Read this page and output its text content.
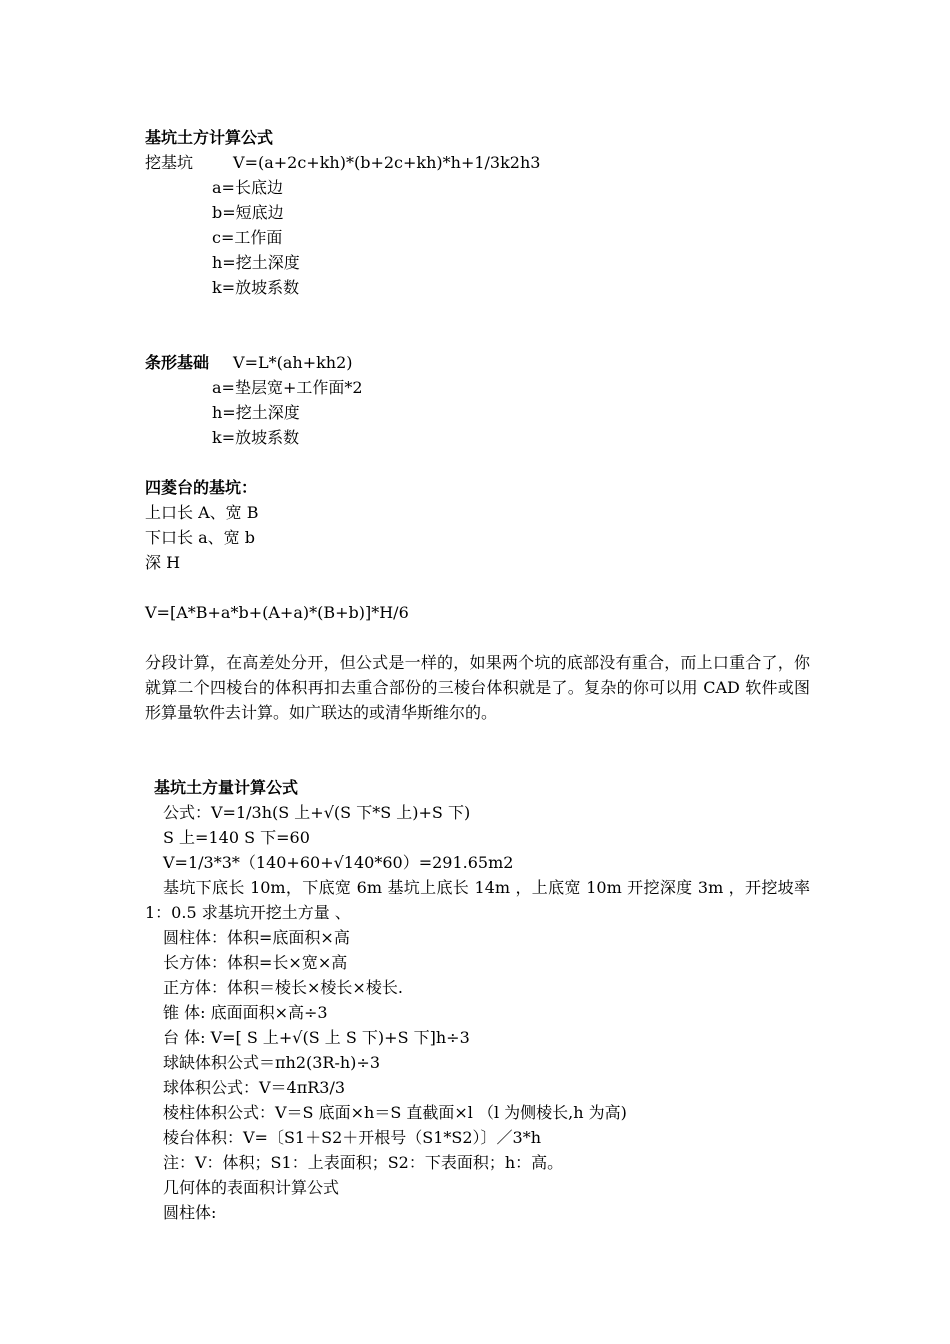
基坑土方计算公式
挖基坑	V=(a+2c+kh)*(b+2c+kh)*h+1/3k2h3
a=长底边
b=短底边
c=工作面
h=挖土深度
k=放坡系数
条形基础 V=L*(ah+kh2)
a=垫层宽+工作面*2
h=挖土深度
k=放坡系数
四菱台的基坑：
上口长 A、宽 B
下口长 a、宽 b
深 H
V=[A*B+a*b+(A+a)*(B+b)]*H/6
分段计算，在高差处分开，但公式是一样的，如果两个坑的底部没有重合，而上口重合了，你就算二个四棱台的体积再扣去重合部份的三棱台体积就是了。复杂的你可以用 CAD 软件或图形算量软件去计算。如广联达的或清华斯维尔的。
基坑土方量计算公式
公式：V=1/3h(S 上+√(S 下*S 上)+S 下)
S 上=140 S 下=60
V=1/3*3*（140+60+√140*60）=291.65m2
基坑下底长 10m，下底宽 6m 基坑上底长 14m ，上底宽 10m 开挖深度 3m ，开挖坡率 1：0.5 求基坑开挖土方量 、
圆柱体：体积=底面积×高
长方体：体积=长×宽×高
正方体：体积＝棱长×棱长×棱长.
锥 体: 底面面积×高÷3
台 体: V=[ S 上+√(S 上 S 下)+S 下]h÷3
球缺体积公式＝πh2(3R-h)÷3
球体积公式：V＝4πR3/3
棱柱体积公式：V＝S 底面×h＝S 直截面×l （l 为侧棱长,h 为高)
棱台体积：V=〔S1＋S2＋开根号（S1*S2）〕／3*h
注：V：体积；S1：上表面积；S2：下表面积；h：高。
几何体的表面积计算公式
圆柱体:
